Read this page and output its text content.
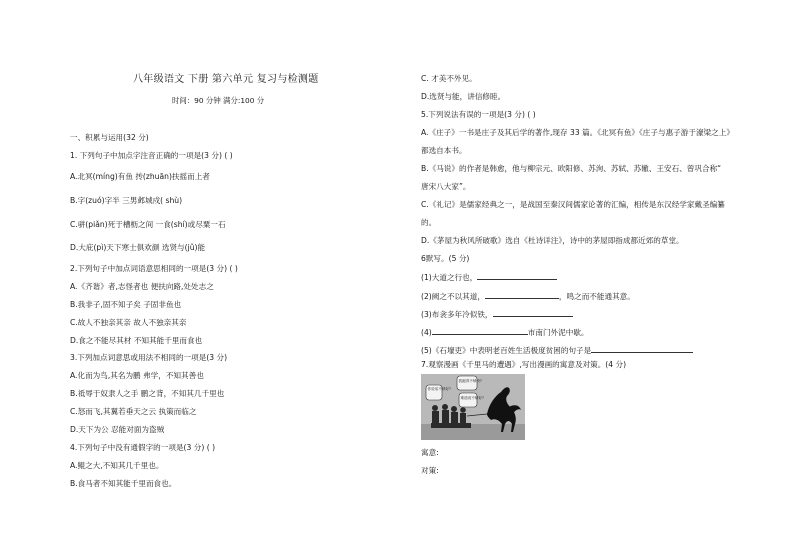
八年级语文 下册 第六单元 复习与检测题
时间：90 分钟 满分:100 分
一、积累与运用(32 分)
1. 下列句子中加点字注音正确的一项是(3 分) ( )
A.北冥(míng)有鱼 抟(zhuān)扶摇而上者
B.字(zuó)字半 三男邺城戍( shù)
C.骈(piǎn)死于槽枥之间 一食(shí)或尽粟一石
D.大庇(pì)天下寒士俱欢颜 选贤与(jǔ)能
2.下列句子中加点词语意思相同的一项是(3 分) ( )
A.《齐谐》者,志怪者也 便扶向路,处处志之
B.我非子,固不知子矣 子固非鱼也
C.故人不独亲其亲 故人不独亲其亲
D.食之不能尽其材 不知其能千里而食也
3.下列加点词意思或用法不相同的一项是(3 分)
A.化而为鸟,其名为鹏 弗学，不知其善也
B.祗辱于奴隶人之手 鹏之背，不知其几千里也
C.怒而飞,其翼若垂天之云 执策而临之
D.天下为公 忍能对面为盗贼
4.下列句子中没有通假字的一项是(3 分) ( )
A.鲲之大,不知其几千里也。
B.食马者不知其能千里而食也。
C. 才美不外见。
D.选贤与能，讲信修睦。
5.下列说法有误的一项是(3 分) ( )
A.《庄子》一书是庄子及其后学的著作,现存 33 篇。《北冥有鱼》《庄子与惠子游于濠梁之上》
都选自本书。
B.《马说》的作者是韩愈，他与柳宗元、欧阳修、苏洵、苏轼、苏辙、王安石、曾巩合称“
唐宋八大家”。
C.《礼记》是儒家经典之一，是战国至秦汉间儒家论著的汇编，相传是东汉经学家戴圣编纂
的。
D.《茅屋为秋风所破歌》选自《杜诗详注》，诗中的茅屋即指成都近郊的草堂。
6默写。(5 分)
(1)大道之行也，
(2)阙之不以其道，	，鸣之而不能通其意。
(3)布衾多年冷似铁，
(4)	市南门外泥中歇。
(5)《石壕吏》中表明老百姓生活极度贫困的句子是
7.观察漫画《千里马的遭遇》,写出漫画的寓意及对策。(4 分)
你说话不够好?
我跑得不够快?
难道说不够好?
寓意:
对策:
